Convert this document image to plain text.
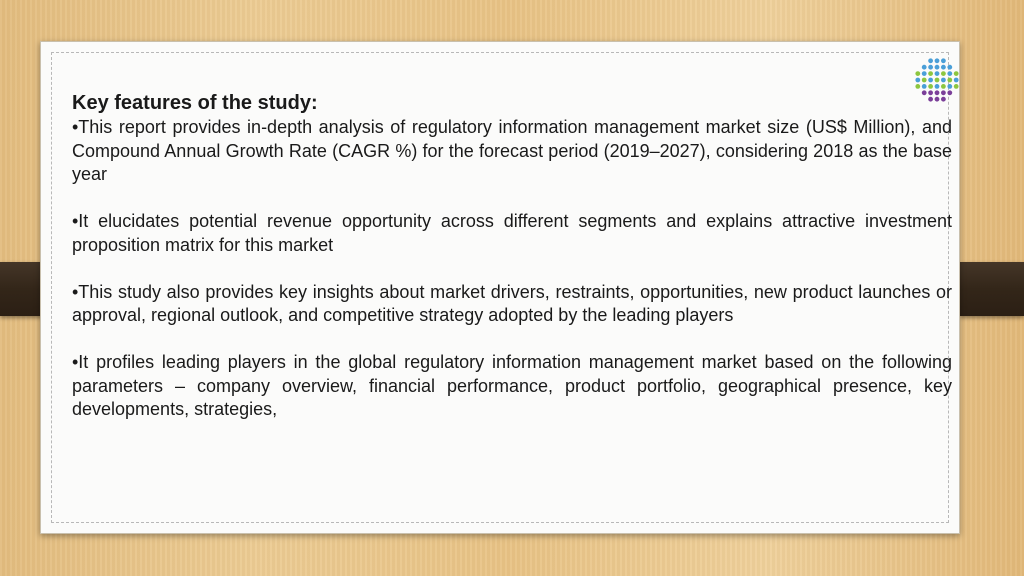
Key features of the study:

•This report provides in-depth analysis of regulatory information management market size (US$ Million), and Compound Annual Growth Rate (CAGR %) for the forecast period (2019–2027), considering 2018 as the base year

•It elucidates potential revenue opportunity across different segments and explains attractive investment proposition matrix for this market

•This study also provides key insights about market drivers, restraints, opportunities, new product launches or approval, regional outlook, and competitive strategy adopted by the leading players

•It profiles leading players in the global regulatory information management market based on the following parameters – company overview, financial performance, product portfolio, geographical presence, key developments, strategies,
